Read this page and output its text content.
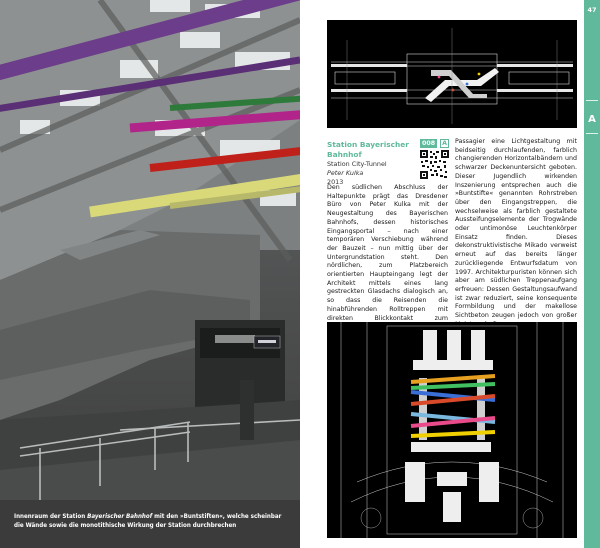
Innenraum der Station Bayerischer Bahnhof mit den »Buntstiften«, welche scheinbar die Wände sowie die monotithische Wirkung der Station durchbrechen
47
A
Station Bayerischer Bahnhof
Station City-Tunnel
Peter Kulka
2013
008	A
Den südlichen Abschluss der Haltepunkte prägt das Dresdener Büro von Peter Kulka mit der Neugestaltung des Bayerischen Bahnhofs, dessen historisches Eingangsportal – nach einer temporären Verschiebung während der Bauzeit – nun mittig über der Untergrundstation steht. Den nördlichen, zum Platzbereich orientierten Haupteingang legt der Architekt mittels eines lang gestreckten Glasdachs dialogisch an, so dass die Reisenden die hinabführenden Rolltreppen mit direkten Blickkontakt zum
Passagier eine Lichtgestaltung mit beidseitig durchlaufenden, farblich changierenden Horizontalbändern und schwarzer Deckenuntersicht geboten. Dieser Jugendlich wirkenden Inszenierung entsprechen auch die »Buntstifte« genannten Rohrstreben über den Eingangstreppen, die wechselweise als farblich gestaltete Aussteifungselemente der Trogwände oder untimonöse Leuchtenkörper Einsatz finden. Dieses dekonstruktivistische Mikado verweist erneut auf das bereits länger zurückliegende Entwurfsdatum von 1997. Architekturpuristen können sich aber am südlichen Treppenaufgang erfreuen: Dessen Gestaltungsaufwand ist zwar reduziert, seine konsequente Formbildung und der makellose Sichtbeton zeugen jedoch von großer
